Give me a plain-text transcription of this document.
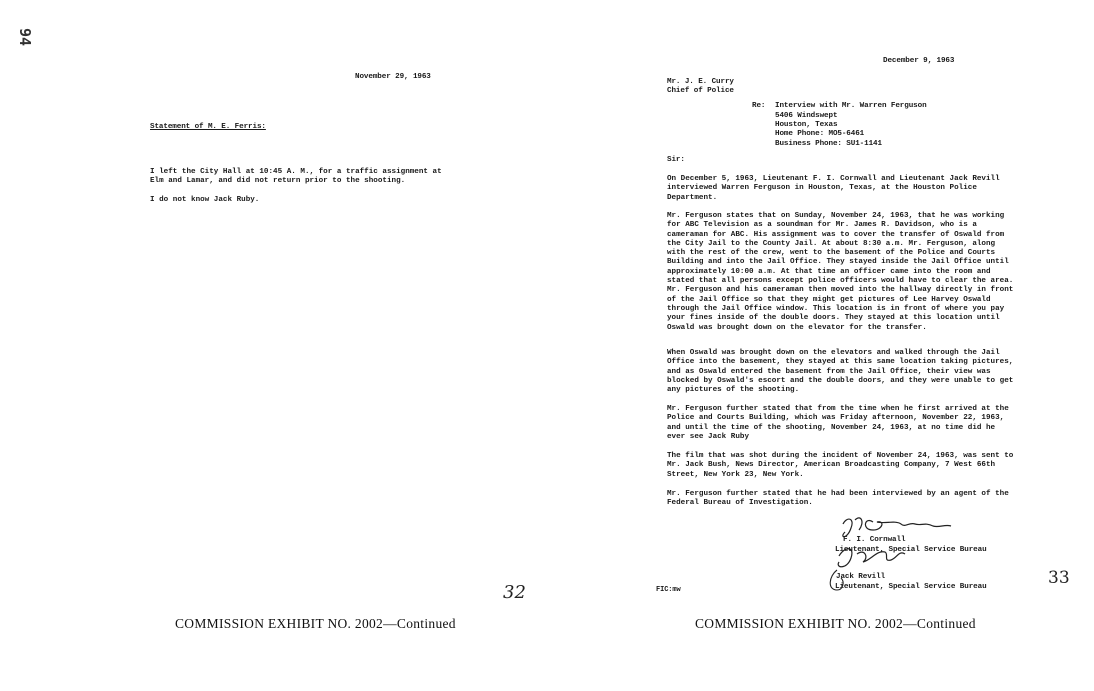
94
November 29, 1963
Statement of M. E. Ferris:
I left the City Hall at 10:45 A. M., for a traffic assignment at Elm and Lamar, and did not return prior to the shooting.
I do not know Jack Ruby.
32
COMMISSION EXHIBIT NO. 2002—Continued
December 9, 1963
Mr. J. E. Curry
Chief of Police
Re: Interview with Mr. Warren Ferguson
5406 Windswept
Houston, Texas
Home Phone: MO5-6461
Business Phone: SU1-1141
Sir:
On December 5, 1963, Lieutenant F. I. Cornwall and Lieutenant Jack Revill interviewed Warren Ferguson in Houston, Texas, at the Houston Police Department.
Mr. Ferguson states that on Sunday, November 24, 1963, that he was working for ABC Television as a soundman for Mr. James R. Davidson, who is a cameraman for ABC. His assignment was to cover the transfer of Oswald from the City Jail to the County Jail. At about 8:30 a.m. Mr. Ferguson, along with the rest of the crew, went to the basement of the Police and Courts Building and into the Jail Office. They stayed inside the Jail Office until approximately 10:00 a.m. At that time an officer came into the room and stated that all persons except police officers would have to clear the area. Mr. Ferguson and his cameraman then moved into the hallway directly in front of the Jail Office so that they might get pictures of Lee Harvey Oswald through the Jail Office window. This location is in front of where you pay your fines inside of the double doors. They stayed at this location until Oswald was brought down on the elevator for the transfer.
When Oswald was brought down on the elevators and walked through the Jail Office into the basement, they stayed at this same location taking pictures, and as Oswald entered the basement from the Jail Office, their view was blocked by Oswald's escort and the double doors, and they were unable to get any pictures of the shooting.
Mr. Ferguson further stated that from the time when he first arrived at the Police and Courts Building, which was Friday afternoon, November 22, 1963, and until the time of the shooting, November 24, 1963, at no time did he ever see Jack Ruby
The film that was shot during the incident of November 24, 1963, was sent to Mr. Jack Bush, News Director, American Broadcasting Company, 7 West 66th Street, New York 23, New York.
Mr. Ferguson further stated that he had been interviewed by an agent of the Federal Bureau of Investigation.
F. I. Cornwall
Lieutenant, Special Service Bureau
Jack Revill
Lieutenant, Special Service Bureau
FIC:mw
33
COMMISSION EXHIBIT NO. 2002—Continued
